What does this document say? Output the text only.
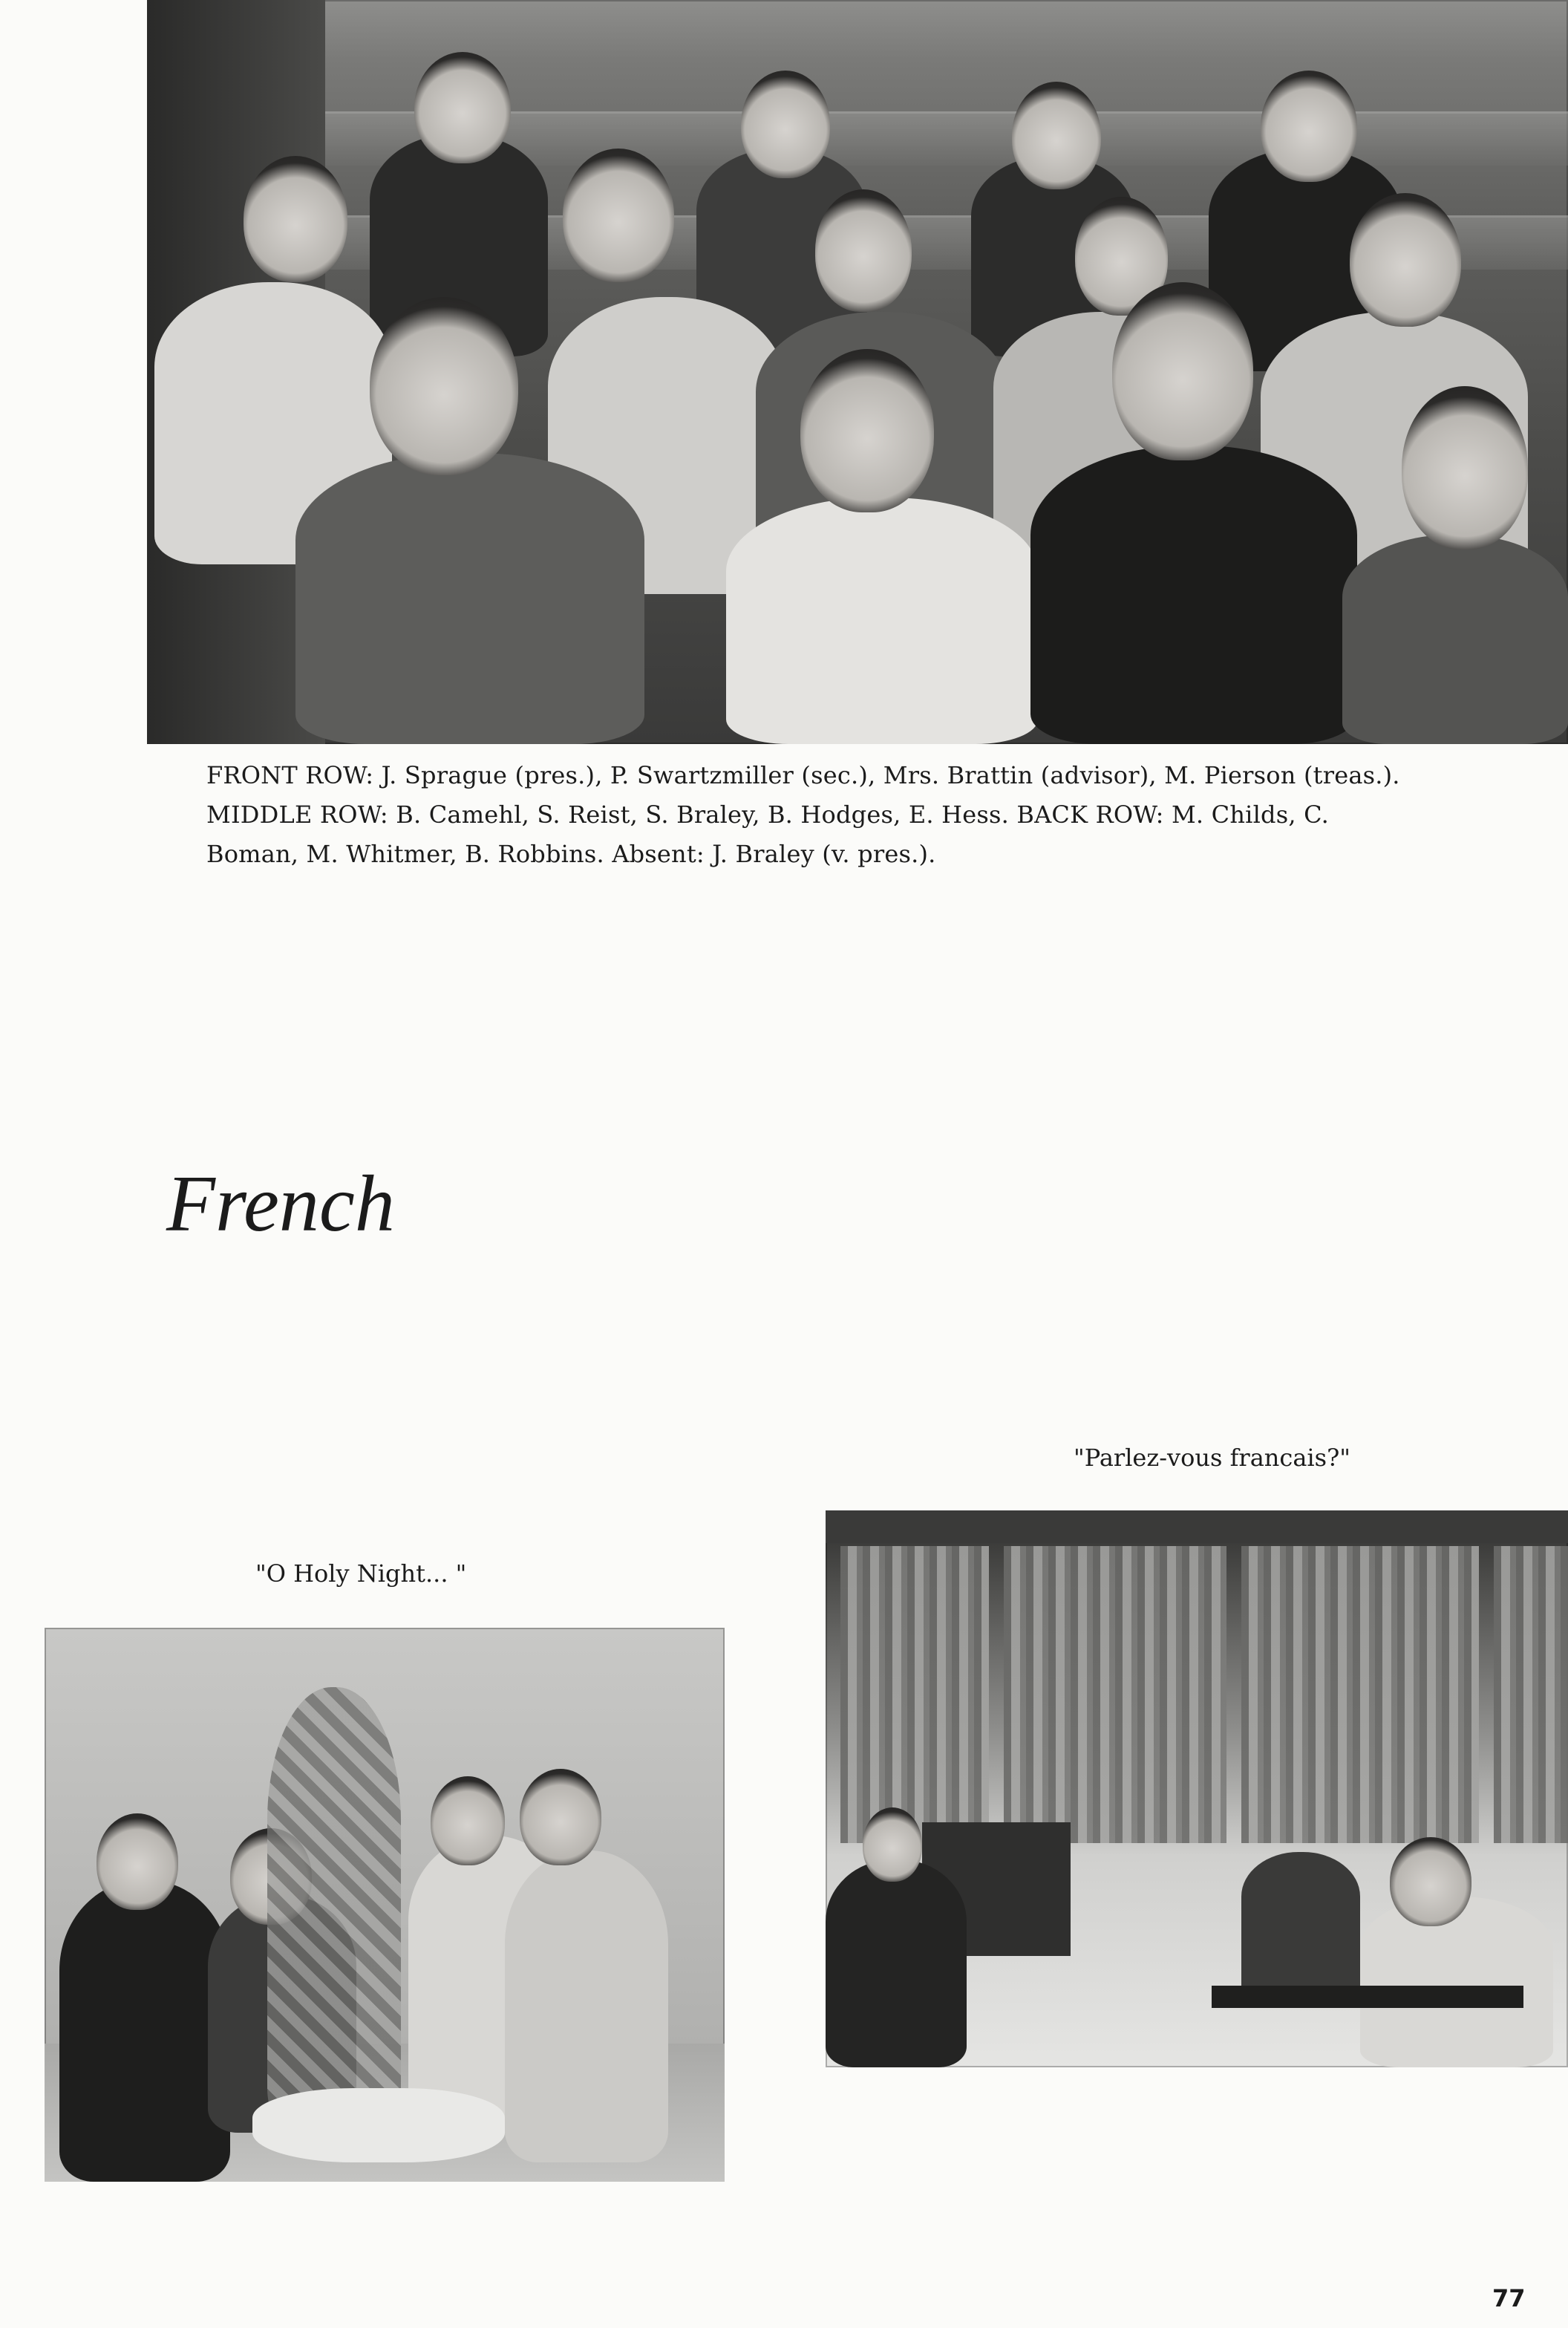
FRONT ROW: J. Sprague (pres.), P. Swartzmiller (sec.), Mrs. Brattin (advisor), M. Pierson (treas.).

MIDDLE ROW: B. Camehl, S. Reist, S. Braley, B. Hodges, E. Hess. BACK ROW: M. Childs, C.

Boman, M. Whitmer, B. Robbins. Absent: J. Braley (v. pres.).

French
"Parlez-vous francais?"
"O Holy Night... "
77
